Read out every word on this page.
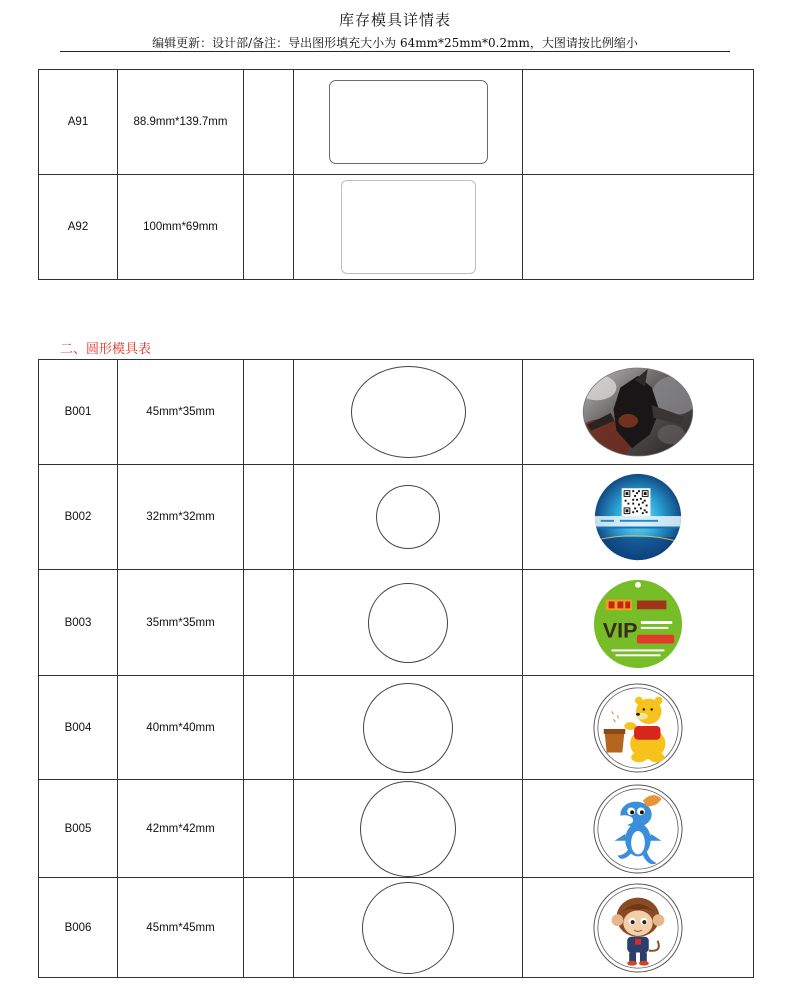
库存模具详情表
编辑更新：设计部/备注：导出图形填充大小为 64mm*25mm*0.2mm，大图请按比例缩小
A91	88.9mm*139.7mm		

A92	100mm*69mm		

二、圆形模具表
B001	45mm*35mm		

B002	32mm*32mm		

B003	35mm*35mm			VIP

B004	40mm*40mm		

B005	42mm*42mm		

B006	45mm*45mm		
